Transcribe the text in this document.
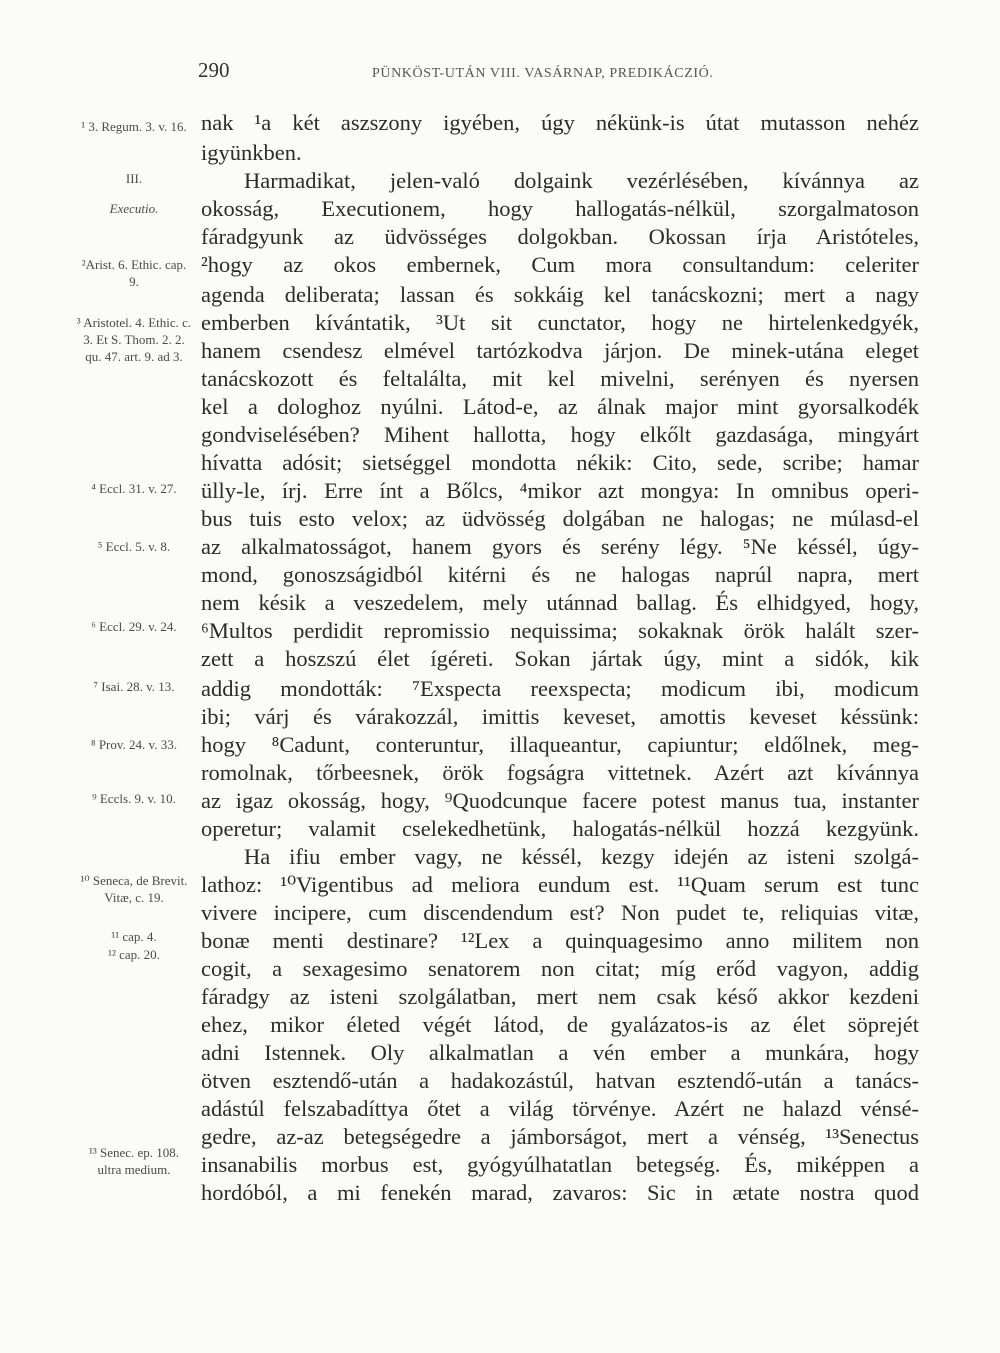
290	PÜNKÖST-UTÁN VIII. VASÁRNAP, PREDIKÁCZIÓ.
¹ 3. Regum. 3. v. 16.
III.
Executio.
²Arist. 6. Ethic. cap. 9.
³ Aristotel. 4. Ethic. c. 3. Et S. Thom. 2. 2. qu. 47. art. 9. ad 3.
⁴ Eccl. 31. v. 27.
⁵ Eccl. 5. v. 8.
⁶ Eccl. 29. v. 24.
⁷ Isai. 28. v. 13.
⁸ Prov. 24. v. 33.
⁹ Eccls. 9. v. 10.
¹⁰ Seneca, de Brevit. Vitæ, c. 19.
¹¹ cap. 4.
¹² cap. 20.
¹³ Senec. ep. 108. ultra medium.
nak ¹a két aszszony igyében, úgy nékünk-is útat mutasson nehéz
igyünkben.
Harmadikat, jelen-való dolgaink vezérlésében, kívánnya az
okosság, Executionem, hogy hallogatás-nélkül, szorgalmatoson
fáradgyunk az üdvösséges dolgokban. Okossan írja Aristóteles,
²hogy az okos embernek, Cum mora consultandum: celeriter
agenda deliberata; lassan és sokkáig kel tanácskozni; mert a nagy
emberben kívántatik, ³Ut sit cunctator, hogy ne hirtelenkedgyék,
hanem csendesz elmével tartózkodva járjon. De minek-utána eleget
tanácskozott és feltalálta, mit kel mivelni, serényen és nyersen
kel a dologhoz nyúlni. Látod-e, az álnak major mint gyorsalkodék
gondviselésében? Mihent hallotta, hogy elkőlt gazdasága, mingyárt
hívatta adósit; sietséggel mondotta nékik: Cito, sede, scribe; hamar
ülly-le, írj. Erre ínt a Bőlcs, ⁴mikor azt mongya: In omnibus operi-
bus tuis esto velox; az üdvösség dolgában ne halogas; ne múlasd-el
az alkalmatosságot, hanem gyors és serény légy. ⁵Ne késsél, úgy-
mond, gonoszságidból kitérni és ne halogas naprúl napra, mert
nem késik a veszedelem, mely utánnad ballag. És elhidgyed, hogy,
⁶Multos perdidit repromissio nequissima; sokaknak örök halált szer-
zett a hoszszú élet ígéreti. Sokan jártak úgy, mint a sidók, kik
addig mondották: ⁷Exspecta reexspecta; modicum ibi, modicum
ibi; várj és várakozzál, imittis keveset, amottis keveset késsünk:
hogy ⁸Cadunt, conteruntur, illaqueantur, capiuntur; eldőlnek, meg-
romolnak, tőrbeesnek, örök fogságra vittetnek. Azért azt kívánnya
az igaz okosság, hogy, ⁹Quodcunque facere potest manus tua, instanter
operetur; valamit cselekedhetünk, halogatás-nélkül hozzá kezgyünk.
Ha ifiu ember vagy, ne késsél, kezgy idején az isteni szolgá-
lathoz: ¹⁰Vigentibus ad meliora eundum est. ¹¹Quam serum est tunc
vivere incipere, cum discendendum est? Non pudet te, reliquias vitæ,
bonæ menti destinare? ¹²Lex a quinquagesimo anno militem non
cogit, a sexagesimo senatorem non citat; míg erőd vagyon, addig
fáradgy az isteni szolgálatban, mert nem csak késő akkor kezdeni
ehez, mikor életed végét látod, de gyalázatos-is az élet söprejét
adni Istennek. Oly alkalmatlan a vén ember a munkára, hogy
ötven esztendő-után a hadakozástúl, hatvan esztendő-után a tanács-
adástúl felszabadíttya őtet a világ törvénye. Azért ne halazd vénsé-
gedre, az-az betegségedre a jámborságot, mert a vénség, ¹³Senectus
insanabilis morbus est, gyógyúlhatatlan betegség. És, miképpen a
hordóból, a mi fenekén marad, zavaros: Sic in ætate nostra quod
